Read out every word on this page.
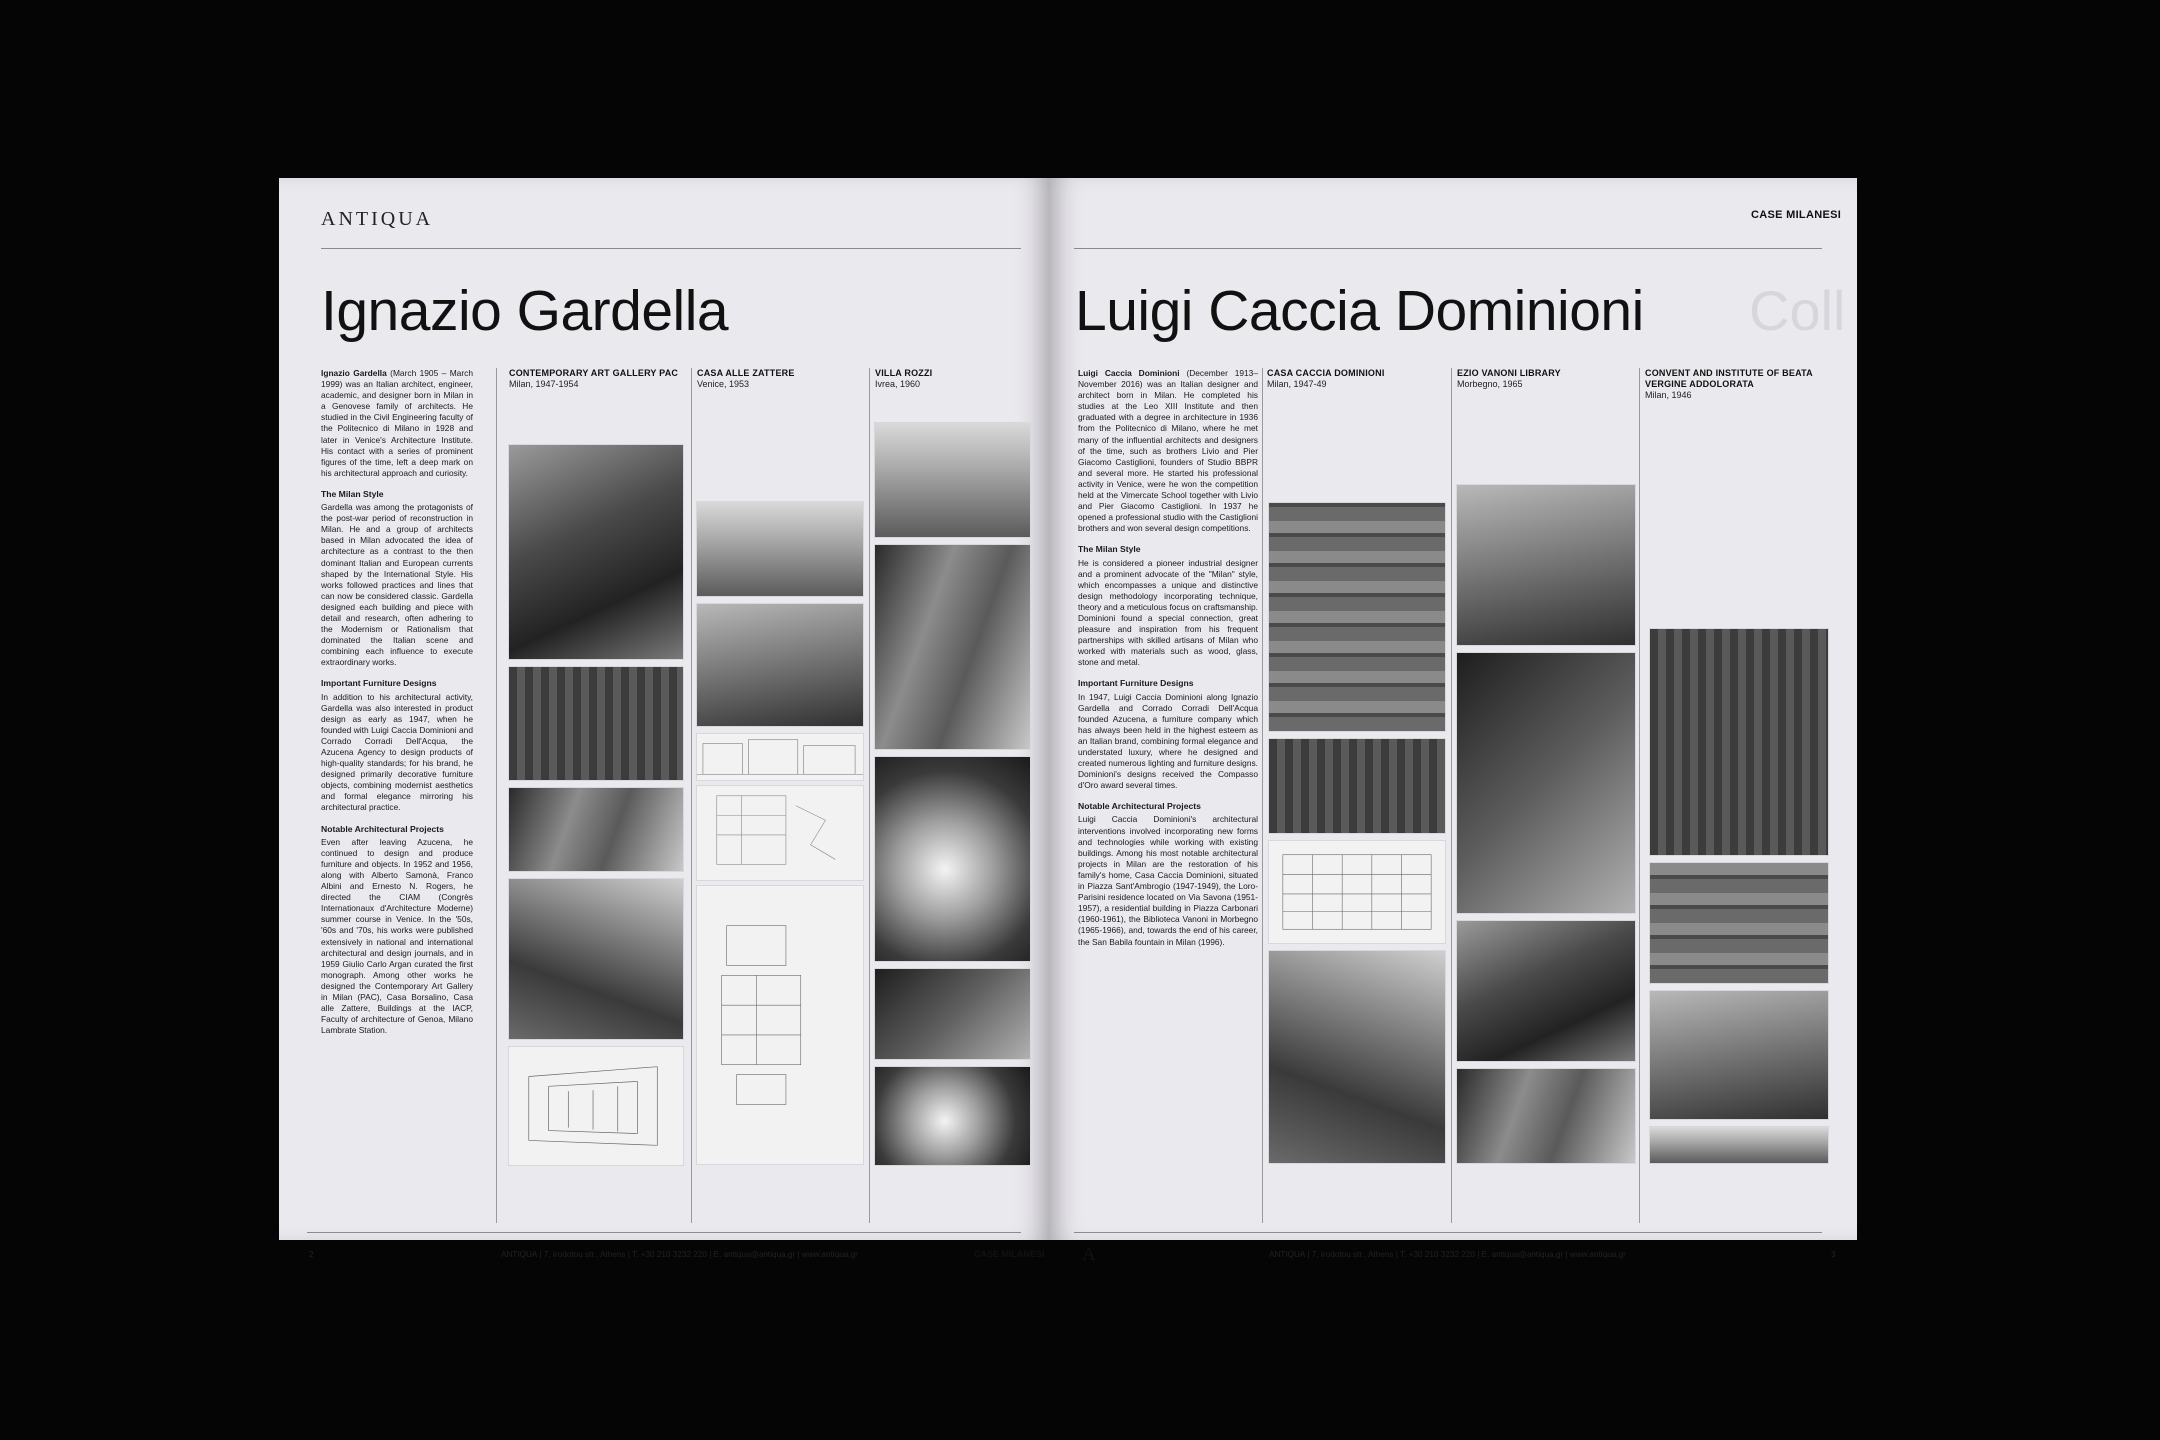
ANTIQUA
Ignazio Gardella

Ignazio Gardella (March 1905 – March 1999) was an Italian architect, engineer, academic, and designer born in Milan in a Genovese family of architects. He studied in the Civil Engineering faculty of the Politecnico di Milano in 1928 and later in Venice's Architecture Institute. His contact with a series of prominent figures of the time, left a deep mark on his architectural approach and curiosity.

The Milan Style

Gardella was among the protagonists of the post-war period of reconstruction in Milan. He and a group of architects based in Milan advocated the idea of architecture as a contrast to the then dominant Italian and European currents shaped by the International Style. His works followed practices and lines that can now be considered classic. Gardella designed each building and piece with detail and research, often adhering to the Modernism or Rationalism that dominated the Italian scene and combining each influence to execute extraordinary works.

Important Furniture Designs

In addition to his architectural activity, Gardella was also interested in product design as early as 1947, when he founded with Luigi Caccia Dominioni and Corrado Corradi Dell'Acqua, the Azucena Agency to design products of high-quality standards; for his brand, he designed primarily decorative furniture objects, combining modernist aesthetics and formal elegance mirroring his architectural practice.

Notable Architectural Projects

Even after leaving Azucena, he continued to design and produce furniture and objects. In 1952 and 1956, along with Alberto Samonà, Franco Albini and Ernesto N. Rogers, he directed the CIAM (Congrès Internationaux d'Architecture Moderne) summer course in Venice. In the '50s, '60s and '70s, his works were published extensively in national and international architectural and design journals, and in 1959 Giulio Carlo Argan curated the first monograph. Among other works he designed the Contemporary Art Gallery in Milan (PAC), Casa Borsalino, Casa alle Zattere, Buildings at the IACP, Faculty of architecture of Genoa, Milano Lambrate Station.

CONTEMPORARY ART GALLERY PAC
Milan, 1947-1954
CASA ALLE ZATTERE
Venice, 1953
VILLA ROZZI
Ivrea, 1960
2	ANTIQUA | 7, Irodotou str., Athens | T. +30 210 3232 220 | E. antiqua@antiqua.gr | www.antiqua.gr	CASE MILANESI
Coll
CASE MILANESI
Luigi Caccia Dominioni

Luigi Caccia Dominioni (December 1913– November 2016) was an Italian designer and architect born in Milan. He completed his studies at the Leo XIII Institute and then graduated with a degree in architecture in 1936 from the Politecnico di Milano, where he met many of the influential architects and designers of the time, such as brothers Livio and Pier Giacomo Castiglioni, founders of Studio BBPR and several more. He started his professional activity in Venice, were he won the competition held at the Vimercate School together with Livio and Pier Giacomo Castiglioni. In 1937 he opened a professional studio with the Castiglioni brothers and won several design competitions.

The Milan Style

He is considered a pioneer industrial designer and a prominent advocate of the "Milan" style, which encompasses a unique and distinctive design methodology incorporating technique, theory and a meticulous focus on craftsmanship. Dominioni found a special connection, great pleasure and inspiration from his frequent partnerships with skilled artisans of Milan who worked with materials such as wood, glass, stone and metal.

Important Furniture Designs

In 1947, Luigi Caccia Dominioni along Ignazio Gardella and Corrado Corradi Dell'Acqua founded Azucena, a furniture company which has always been held in the highest esteem as an Italian brand, combining formal elegance and understated luxury, where he designed and created numerous lighting and furniture designs. Dominioni's designs received the Compasso d'Oro award several times.

Notable Architectural Projects

Luigi Caccia Dominioni's architectural interventions involved incorporating new forms and technologies while working with existing buildings. Among his most notable architectural projects in Milan are the restoration of his family's home, Casa Caccia Dominioni, situated in Piazza Sant'Ambrogio (1947-1949), the Loro-Parisini residence located on Via Savona (1951-1957), a residential building in Piazza Carbonari (1960-1961), the Biblioteca Vanoni in Morbegno (1965-1966), and, towards the end of his career, the San Babila fountain in Milan (1996).

CASA CACCIA DOMINIONI
Milan, 1947-49
EZIO VANONI LIBRARY
Morbegno, 1965
CONVENT AND INSTITUTE OF BEATA VERGINE ADDOLORATA
Milan, 1946
A	ANTIQUA | 7, Irodotou str., Athens | T. +30 210 3232 220 | E. antiqua@antiqua.gr | www.antiqua.gr	3
